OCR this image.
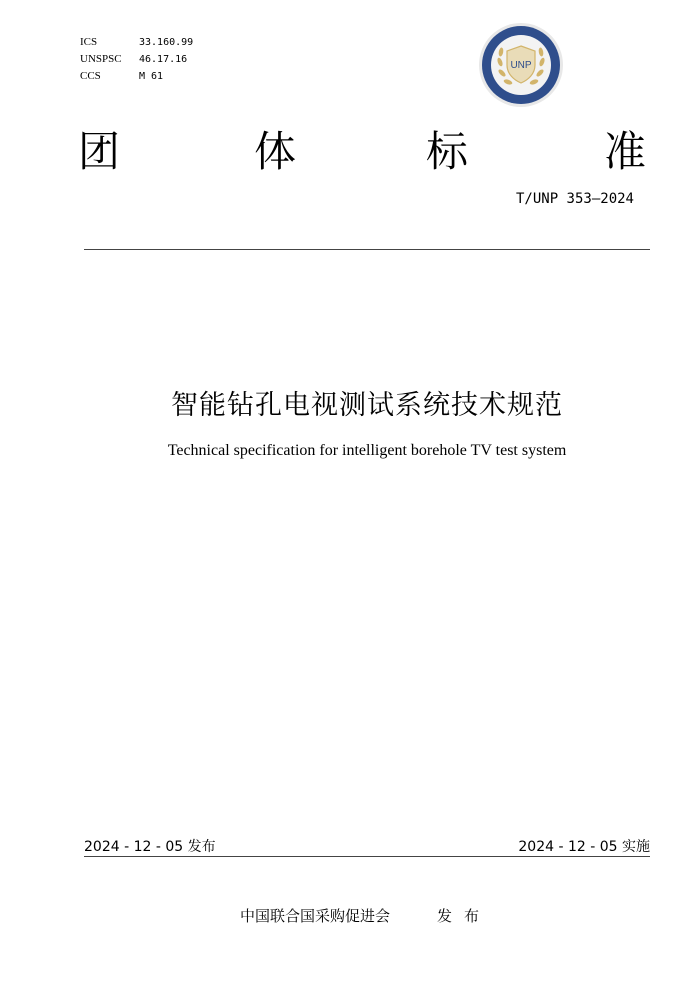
ICS	33.160.99
UNSPSC	46.17.16
CCS	M 61
UNP
团	体	标	准
T/UNP 353—2024
智能钻孔电视测试系统技术规范
Technical specification for intelligent borehole TV test system
2024 - 12 - 05 发布	2024 - 12 - 05 实施
中国联合国采购促进会	发布
